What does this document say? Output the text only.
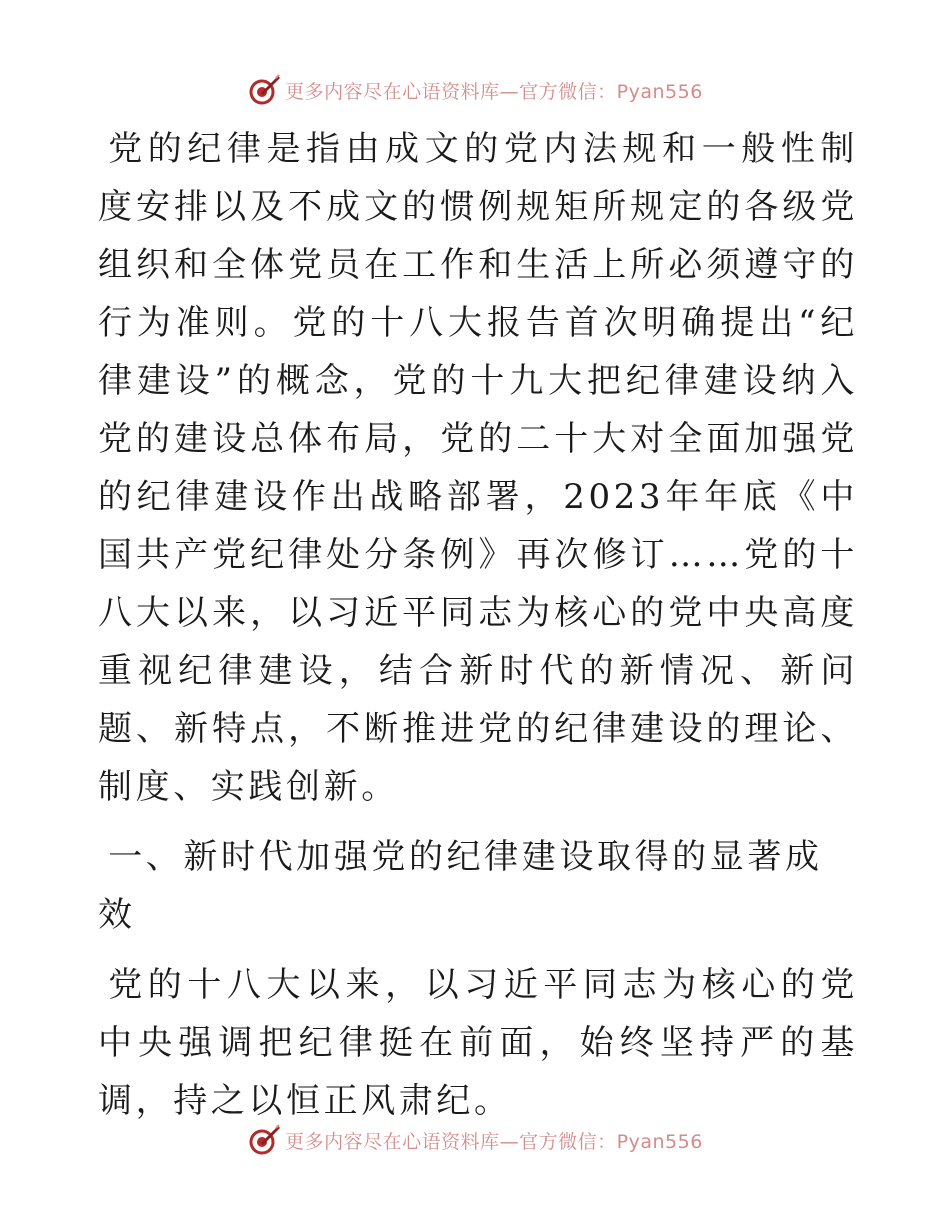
更多内容尽在心语资料库—官方微信：Pyan556

党的纪律是指由成文的党内法规和一般性制度安排以及不成文的惯例规矩所规定的各级党组织和全体党员在工作和生活上所必须遵守的行为准则。党的十八大报告首次明确提出“纪律建设”的概念，党的十九大把纪律建设纳入党的建设总体布局，党的二十大对全面加强党的纪律建设作出战略部署，2023年年底《中国共产党纪律处分条例》再次修订……党的十八大以来，以习近平同志为核心的党中央高度重视纪律建设，结合新时代的新情况、新问题、新特点，不断推进党的纪律建设的理论、制度、实践创新。

一、新时代加强党的纪律建设取得的显著成效

党的十八大以来，以习近平同志为核心的党中央强调把纪律挺在前面，始终坚持严的基调，持之以恒正风肃纪。

更多内容尽在心语资料库—官方微信：Pyan556
